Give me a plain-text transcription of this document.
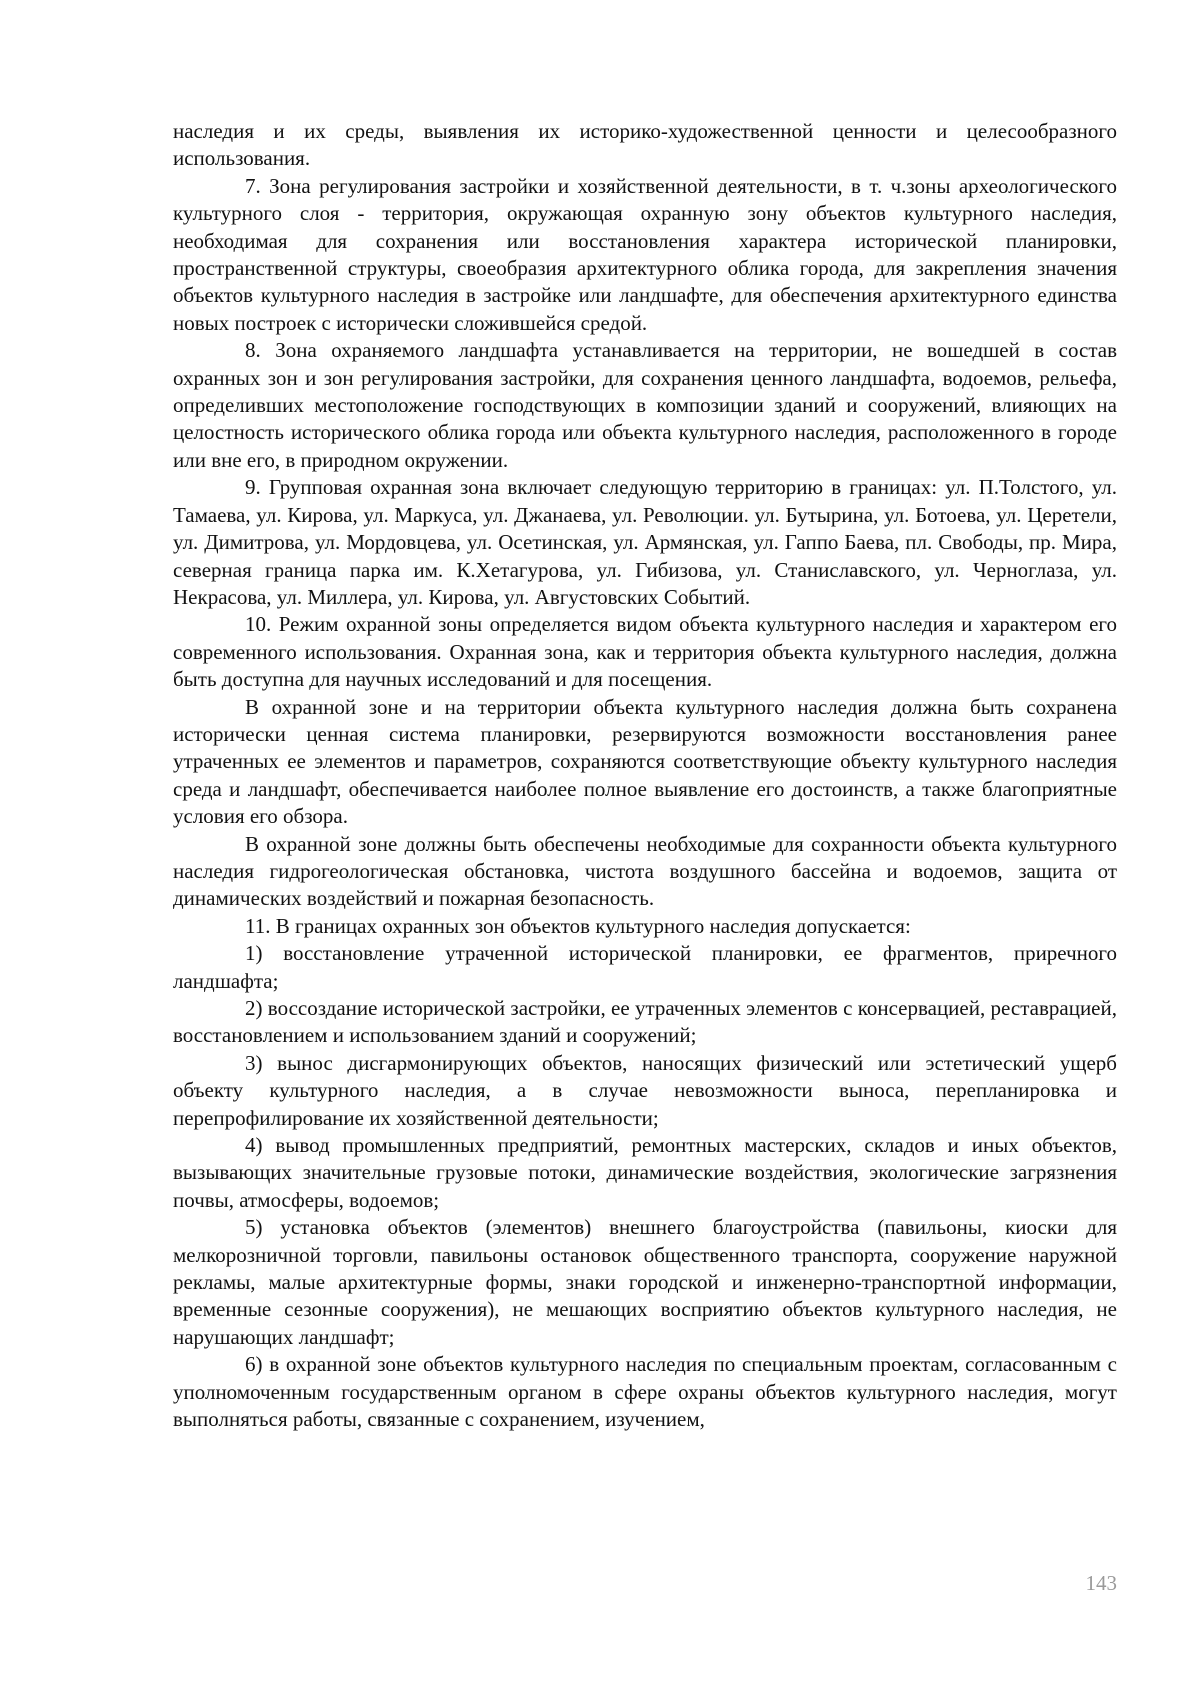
наследия и их среды, выявления их историко-художественной ценности и целесообразного использования.

7. Зона регулирования застройки и хозяйственной деятельности, в т. ч.зоны археологического культурного слоя - территория, окружающая охранную зону объектов культурного наследия, необходимая для сохранения или восстановления характера исторической планировки, пространственной структуры, своеобразия архитектурного облика города, для закрепления значения объектов культурного наследия в застройке или ландшафте, для обеспечения архитектурного единства новых построек с исторически сложившейся средой.

8. Зона охраняемого ландшафта устанавливается на территории, не вошедшей в состав охранных зон и зон регулирования застройки, для сохранения ценного ландшафта, водоемов, рельефа, определивших местоположение господствующих в композиции зданий и сооружений, влияющих на целостность исторического облика города или объекта культурного наследия, расположенного в городе или вне его, в природном окружении.

9. Групповая охранная зона включает следующую территорию в границах: ул. П.Толстого, ул. Тамаева, ул. Кирова, ул. Маркуса, ул. Джанаева, ул. Революции. ул. Бутырина, ул. Ботоева, ул. Церетели, ул. Димитрова, ул. Мордовцева, ул. Осетинская, ул. Армянская, ул. Гаппо Баева, пл. Свободы, пр. Мира, северная граница парка им. К.Хетагурова, ул. Гибизова, ул. Станиславского, ул. Черноглаза, ул. Некрасова, ул. Миллера, ул. Кирова, ул. Августовских Событий.

10. Режим охранной зоны определяется видом объекта культурного наследия и характером его современного использования. Охранная зона, как и территория объекта культурного наследия, должна быть доступна для научных исследований и для посещения.

В охранной зоне и на территории объекта культурного наследия должна быть сохранена исторически ценная система планировки, резервируются возможности восстановления ранее утраченных ее элементов и параметров, сохраняются соответствующие объекту культурного наследия среда и ландшафт, обеспечивается наиболее полное выявление его достоинств, а также благоприятные условия его обзора.

В охранной зоне должны быть обеспечены необходимые для сохранности объекта культурного наследия гидрогеологическая обстановка, чистота воздушного бассейна и водоемов, защита от динамических воздействий и пожарная безопасность.

11. В границах охранных зон объектов культурного наследия допускается:

1) восстановление утраченной исторической планировки, ее фрагментов, приречного ландшафта;

2) воссоздание исторической застройки, ее утраченных элементов с консервацией, реставрацией, восстановлением и использованием зданий и сооружений;

3) вынос дисгармонирующих объектов, наносящих физический или эстетический ущерб объекту культурного наследия, а в случае невозможности выноса, перепланировка и перепрофилирование их хозяйственной деятельности;

4) вывод промышленных предприятий, ремонтных мастерских, складов и иных объектов, вызывающих значительные грузовые потоки, динамические воздействия, экологические загрязнения почвы, атмосферы, водоемов;

5) установка объектов (элементов) внешнего благоустройства (павильоны, киоски для мелкорозничной торговли, павильоны остановок общественного транспорта, сооружение наружной рекламы, малые архитектурные формы, знаки городской и инженерно-транспортной информации, временные сезонные сооружения), не мешающих восприятию объектов культурного наследия, не нарушающих ландшафт;

6) в охранной зоне объектов культурного наследия по специальным проектам, согласованным с уполномоченным государственным органом в сфере охраны объектов культурного наследия, могут выполняться работы, связанные с сохранением, изучением,

143
